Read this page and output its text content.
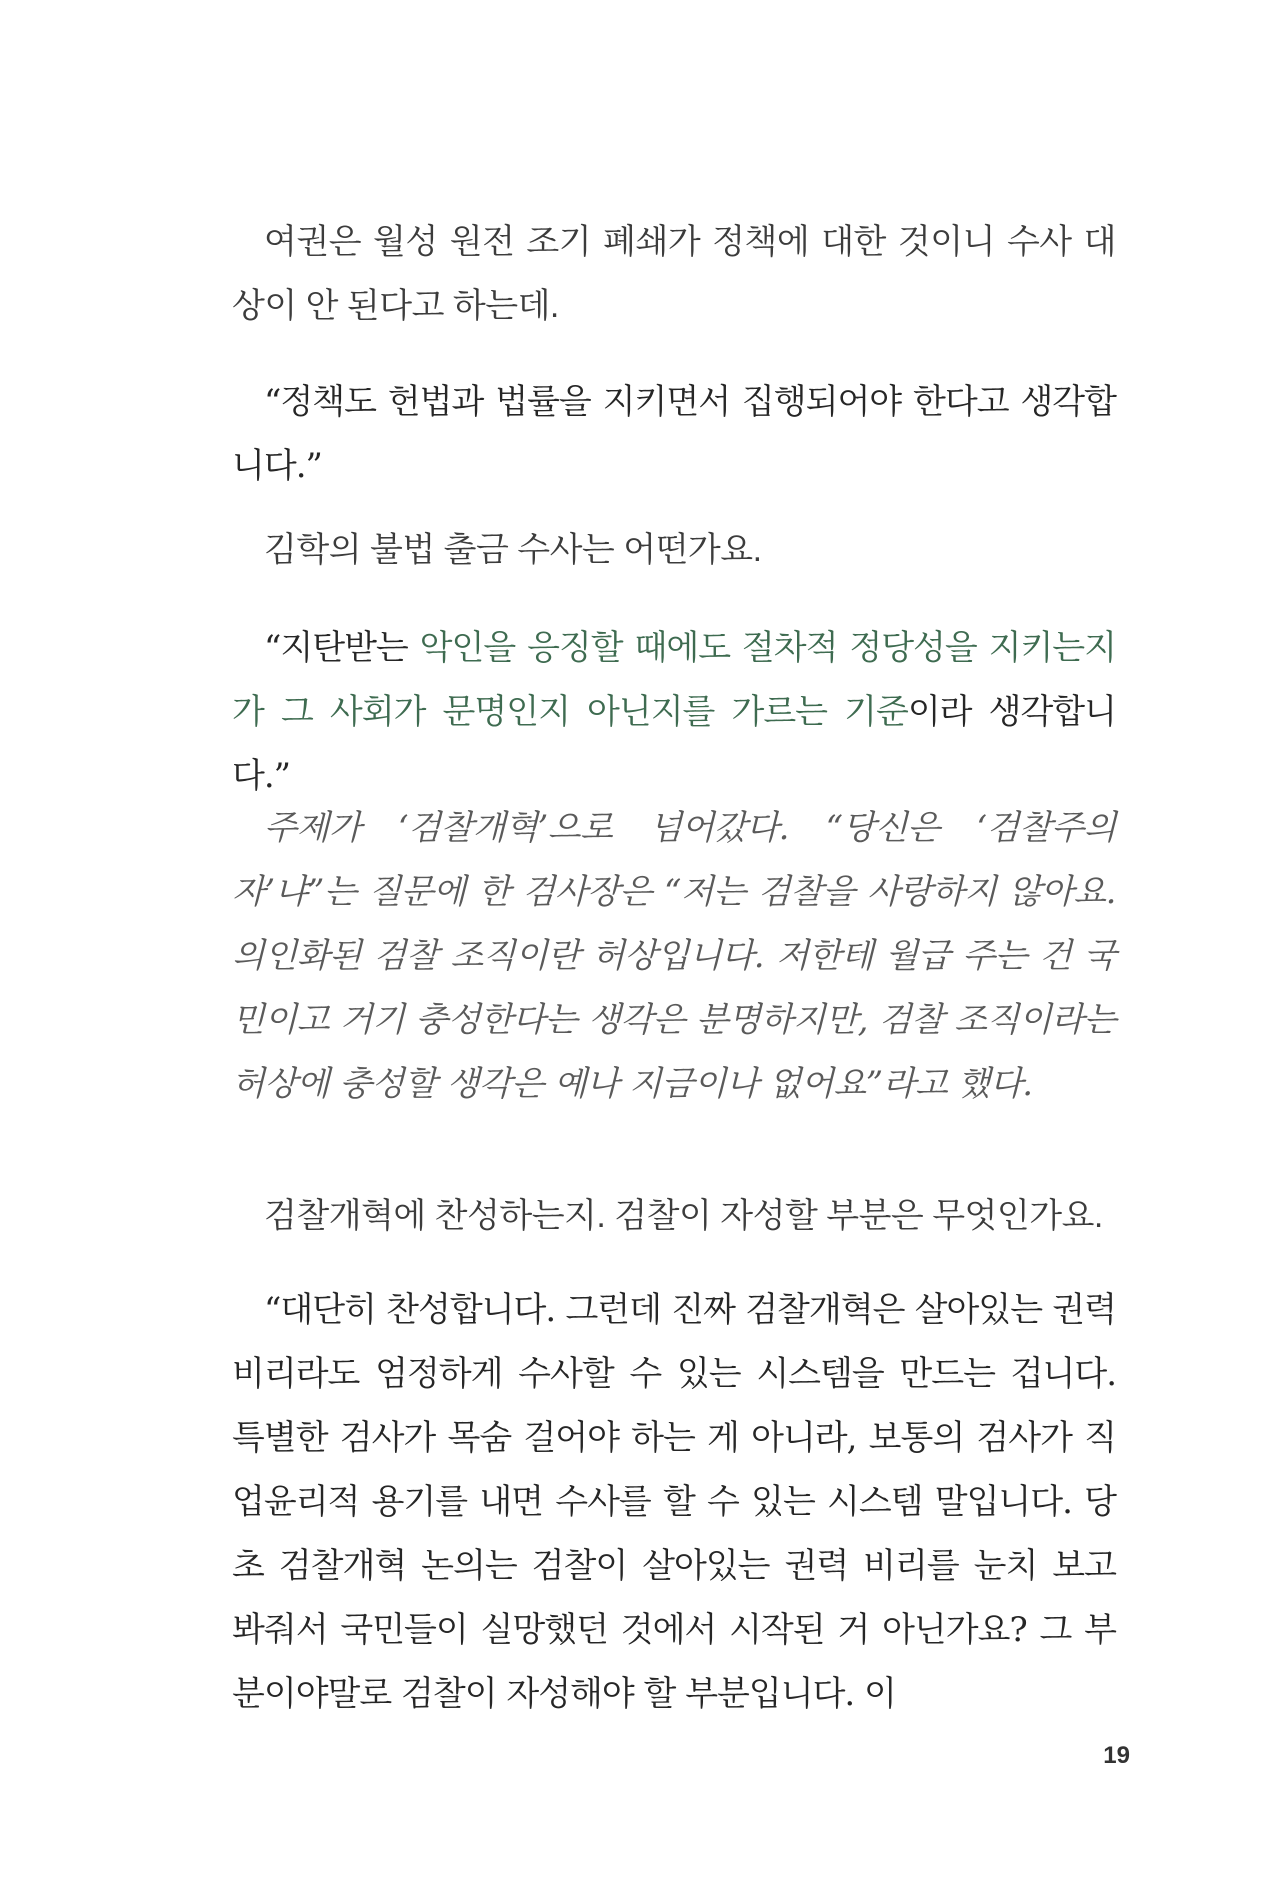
여권은 월성 원전 조기 폐쇄가 정책에 대한 것이니 수사 대상이 안 된다고 하는데.

“정책도 헌법과 법률을 지키면서 집행되어야 한다고 생각합니다.”

김학의 불법 출금 수사는 어떤가요.

“지탄받는 악인을 응징할 때에도 절차적 정당성을 지키는지가 그 사회가 문명인지 아닌지를 가르는 기준이라 생각합니다.”

주제가 ‘검찰개혁’으로 넘어갔다. “당신은 ‘검찰주의자’냐”는 질문에 한 검사장은 “저는 검찰을 사랑하지 않아요. 의인화된 검찰 조직이란 허상입니다. 저한테 월급 주는 건 국민이고 거기 충성한다는 생각은 분명하지만, 검찰 조직이라는 허상에 충성할 생각은 예나 지금이나 없어요”라고 했다.

검찰개혁에 찬성하는지. 검찰이 자성할 부분은 무엇인가요.

“대단히 찬성합니다. 그런데 진짜 검찰개혁은 살아있는 권력 비리라도 엄정하게 수사할 수 있는 시스템을 만드는 겁니다. 특별한 검사가 목숨 걸어야 하는 게 아니라, 보통의 검사가 직업윤리적 용기를 내면 수사를 할 수 있는 시스템 말입니다. 당초 검찰개혁 논의는 검찰이 살아있는 권력 비리를 눈치 보고 봐줘서 국민들이 실망했던 것에서 시작된 거 아닌가요? 그 부분이야말로 검찰이 자성해야 할 부분입니다. 이

19
